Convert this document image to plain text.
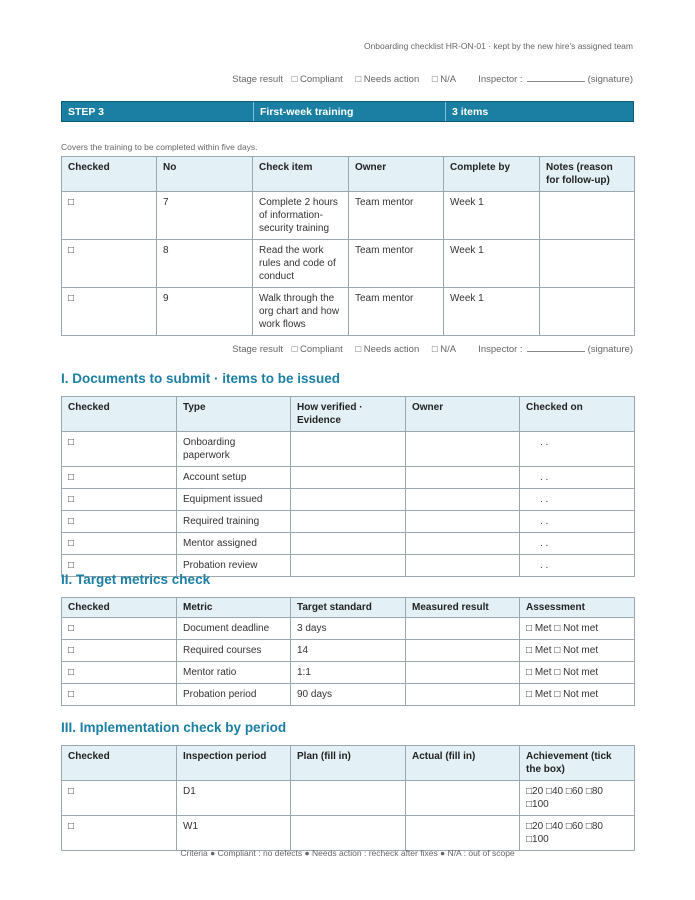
Onboarding checklist HR-ON-01 · kept by the new hire's assigned team
Stage result □ Compliant □ Needs action □ N/A Inspector :	(signature)
STEP 3	First-week training	3 items
Covers the training to be completed within five days.
Checked	No	Check item	Owner	Complete by	Notes (reason for follow-up)
□	7	Complete 2 hours of information-security training	Team mentor	Week 1	
□	8	Read the work rules and code of conduct	Team mentor	Week 1	
□	9	Walk through the org chart and how work flows	Team mentor	Week 1	
Stage result □ Compliant □ Needs action □ N/A Inspector :	(signature)
I. Documents to submit · items to be issued
Checked	Type	How verified · Evidence	Owner	Checked on
□	Onboarding paperwork			. .
□	Account setup			. .
□	Equipment issued			. .
□	Required training			. .
□	Mentor assigned			. .
□	Probation review			. .
II. Target metrics check
Checked	Metric	Target standard	Measured result	Assessment
□	Document deadline	3 days		□ Met □ Not met
□	Required courses	14		□ Met □ Not met
□	Mentor ratio	1:1		□ Met □ Not met
□	Probation period	90 days		□ Met □ Not met
III. Implementation check by period
Checked	Inspection period	Plan (fill in)	Actual (fill in)	Achievement (tick the box)
□	D1			□20 □40 □60 □80 □100
□	W1			□20 □40 □60 □80 □100
Criteria ● Compliant : no defects ● Needs action : recheck after fixes ● N/A : out of scope
